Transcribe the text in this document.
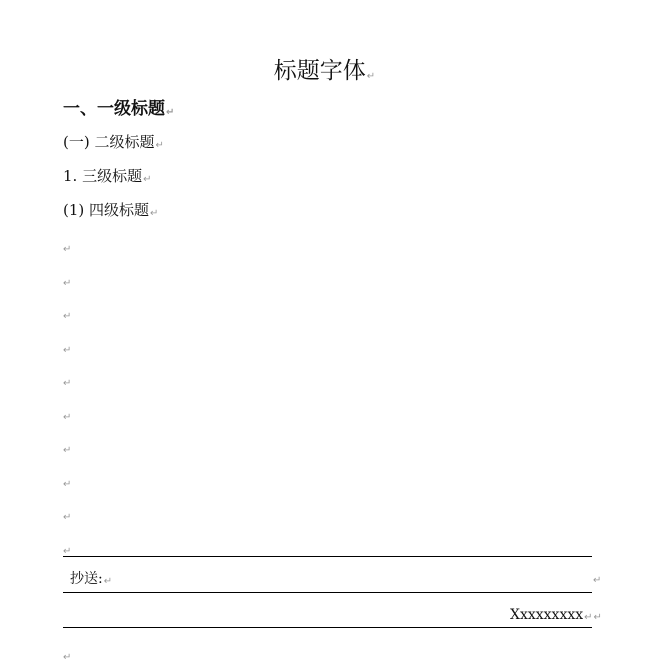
标题字体↵
一、一级标题↵
(一) 二级标题↵
1. 三级标题↵
(1) 四级标题↵
↵
↵
↵
↵
↵
↵
↵
↵
↵
↵
抄送:↵	↵
Xxxxxxxxx↵↵
↵
